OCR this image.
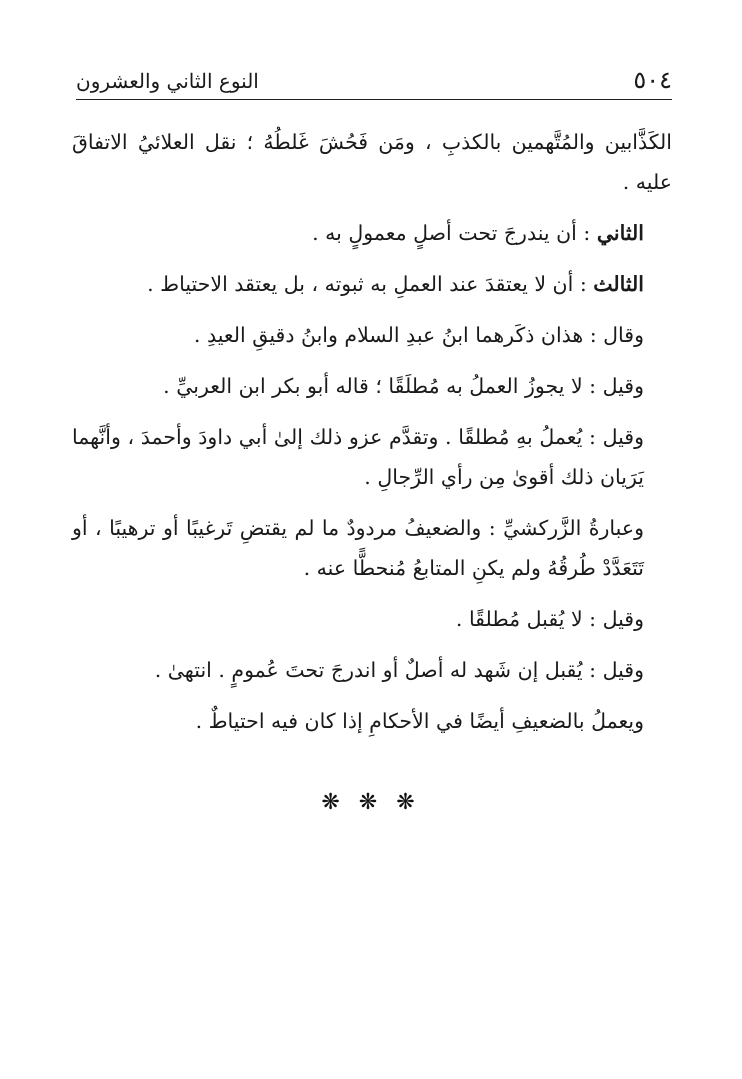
٥٠٤
النوع الثاني والعشرون

الكَذَّابين والمُتَّهمين بالكذبِ ، ومَن فَحُشَ غَلطُهُ ؛ نقل العلائيُ الاتفاقَ عليه .

الثاني : أن يندرجَ تحت أصلٍ معمولٍ به .

الثالث : أن لا يعتقدَ عند العملِ به ثبوته ، بل يعتقد الاحتياط .

وقال : هذان ذكَرهما ابنُ عبدِ السلام وابنُ دقيقِ العيدِ .

وقيل : لا يجوزُ العملُ به مُطلَقًا ؛ قاله أبو بكر ابن العربيِّ .

وقيل : يُعملُ بهِ مُطلقًا . وتقدَّم عزو ذلك إلىٰ أبي داودَ وأحمدَ ، وأنَّهما يَرَيان ذلك أقوىٰ مِن رأي الرِّجالِ .

وعبارةُ الزَّركشيِّ : والضعيفُ مردودٌ ما لم يقتضِ تَرغيبًا أو ترهيبًا ، أو تَتَعَدَّدْ طُرقُهُ ولم يكنِ المتابعُ مُنحطًّا عنه .

وقيل : لا يُقبل مُطلقًا .

وقيل : يُقبل إن شَهد له أصلٌ أو اندرجَ تحتَ عُمومٍ . انتهىٰ .

ويعملُ بالضعيفِ أيضًا في الأحكامِ إذا كان فيه احتياطٌ .

❋ ❋ ❋
